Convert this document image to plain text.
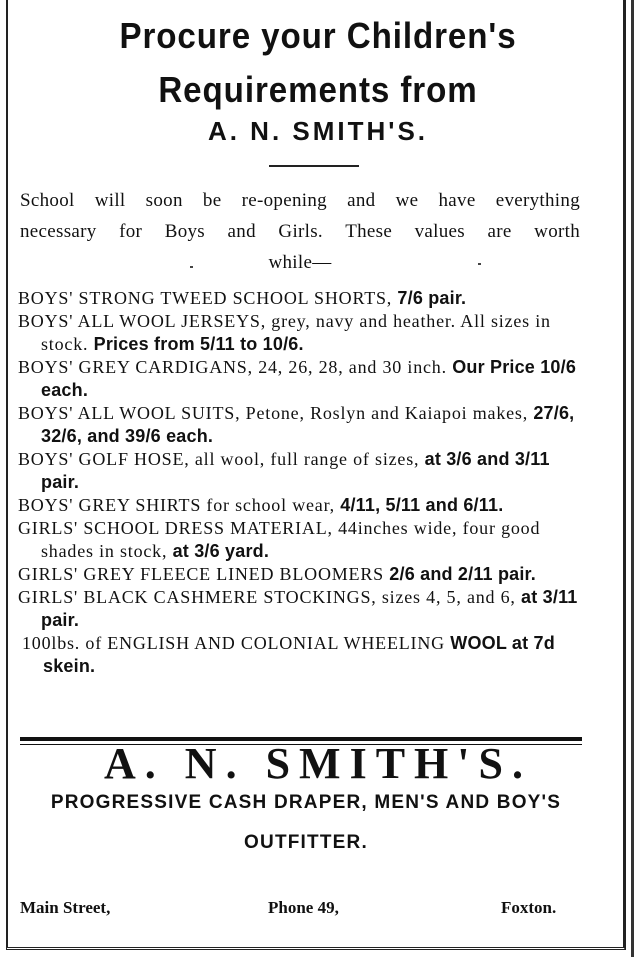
Procure your Children's
Requirements from
A. N. SMITH'S.
School will soon be re-opening and we have everything
necessary for Boys and Girls. These values are worth
while—
BOYS' STRONG TWEED SCHOOL SHORTS, 7/6 pair.
BOYS' ALL WOOL JERSEYS, grey, navy and heather. All sizes in stock. Prices from 5/11 to 10/6.
BOYS' GREY CARDIGANS, 24, 26, 28, and 30 inch. Our Price 10/6 each.
BOYS' ALL WOOL SUITS, Petone, Roslyn and Kaiapoi makes, 27/6, 32/6, and 39/6 each.
BOYS' GOLF HOSE, all wool, full range of sizes, at 3/6 and 3/11 pair.
BOYS' GREY SHIRTS for school wear, 4/11, 5/11 and 6/11.
GIRLS' SCHOOL DRESS MATERIAL, 44inches wide, four good shades in stock, at 3/6 yard.
GIRLS' GREY FLEECE LINED BLOOMERS 2/6 and 2/11 pair.
GIRLS' BLACK CASHMERE STOCKINGS, sizes 4, 5, and 6, at 3/11 pair.
100lbs. of ENGLISH AND COLONIAL WHEELING WOOL at 7d skein.
A. N. SMITH'S.
PROGRESSIVE CASH DRAPER, MEN'S AND BOY'S
OUTFITTER.
Main Street,	Phone 49,	Foxton.
